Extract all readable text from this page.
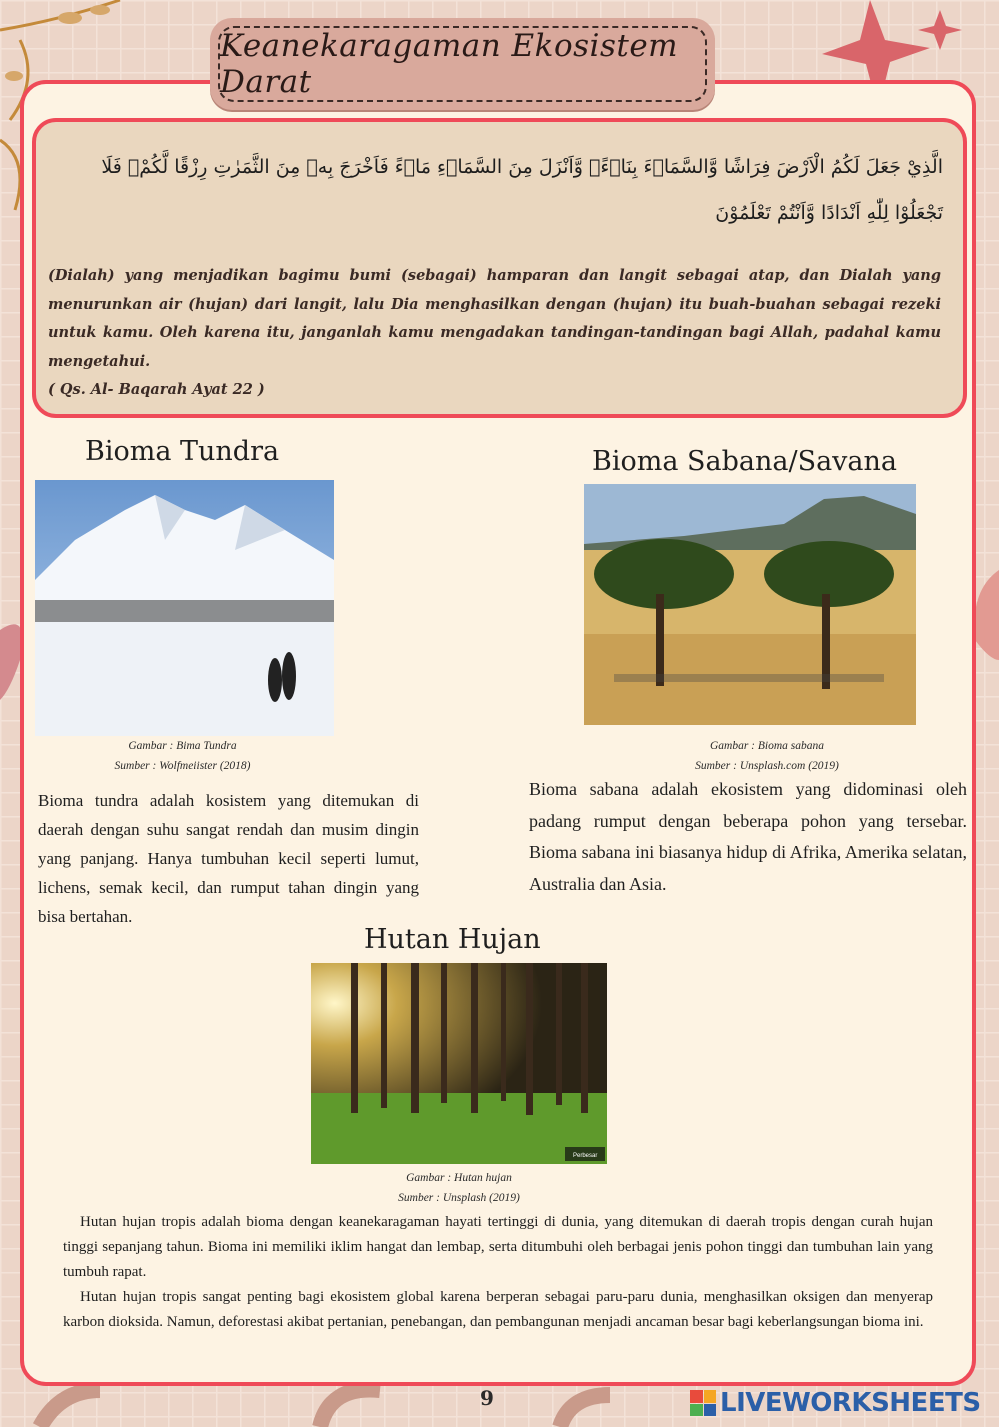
Keanekaragaman Ekosistem Darat
الَّذِيْ جَعَلَ لَكُمُ الْاَرْضَ فِرَاشًا وَّالسَّمَاۤءَ بِنَاۤءًۖ وَّاَنْزَلَ مِنَ السَّمَاۤءِ مَاۤءً فَاَخْرَجَ بِهٖ مِنَ الثَّمَرٰتِ رِزْقًا لَّكُمْۚ فَلَا تَجْعَلُوْا لِلّٰهِ اَنْدَادًا وَّاَنْتُمْ تَعْلَمُوْنَ
(Dialah) yang menjadikan bagimu bumi (sebagai) hamparan dan langit sebagai atap, dan Dialah yang menurunkan air (hujan) dari langit, lalu Dia menghasilkan dengan (hujan) itu buah-buahan sebagai rezeki untuk kamu. Oleh karena itu, janganlah kamu mengadakan tandingan-tandingan bagi Allah, padahal kamu mengetahui.
( Qs. Al- Baqarah Ayat 22 )
Bioma Tundra
Gambar : Bima Tundra
Sumber : Wolfmeiister (2018)
Bioma tundra adalah kosistem yang ditemukan di daerah dengan suhu sangat rendah dan musim dingin yang panjang. Hanya tumbuhan kecil seperti lumut, lichens, semak kecil, dan rumput tahan dingin yang bisa bertahan.
Bioma Sabana/Savana
Gambar : Bioma sabana
Sumber : Unsplash.com (2019)
Bioma sabana adalah ekosistem yang didominasi oleh padang rumput dengan beberapa pohon yang tersebar. Bioma sabana ini biasanya hidup di Afrika, Amerika selatan, Australia dan Asia.
Hutan Hujan
Perbesar
Gambar : Hutan hujan
Sumber : Unsplash (2019)
Hutan hujan tropis adalah bioma dengan keanekaragaman hayati tertinggi di dunia, yang ditemukan di daerah tropis dengan curah hujan tinggi sepanjang tahun. Bioma ini memiliki iklim hangat dan lembap, serta ditumbuhi oleh berbagai jenis pohon tinggi dan tumbuhan lain yang tumbuh rapat.
Hutan hujan tropis sangat penting bagi ekosistem global karena berperan sebagai paru-paru dunia, menghasilkan oksigen dan menyerap karbon dioksida. Namun, deforestasi akibat pertanian, penebangan, dan pembangunan menjadi ancaman besar bagi keberlangsungan bioma ini.
9	LIVEWORKSHEETS
